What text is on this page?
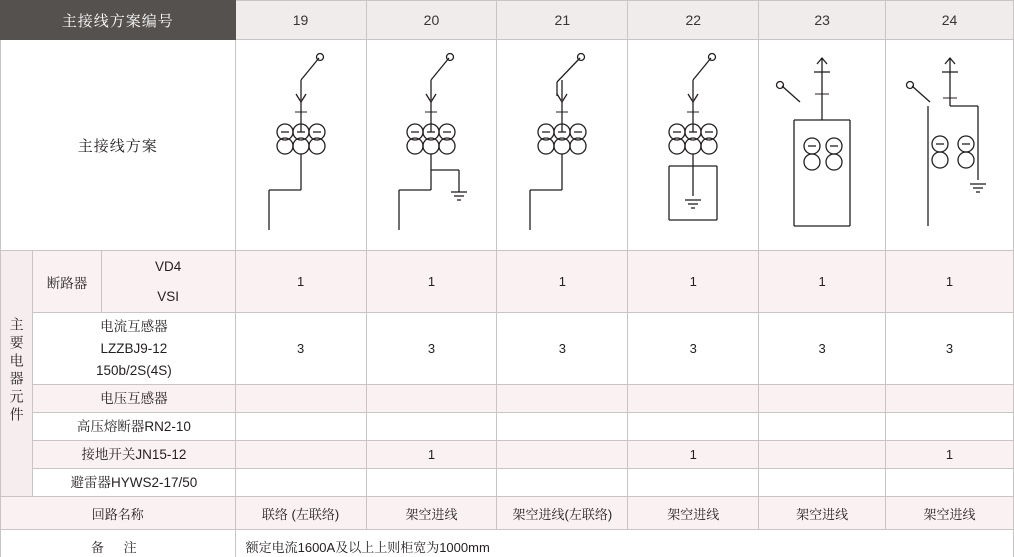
主接线方案编号			19	20	21	22	23	24
主接线方案	

主要电器元件	断路器	VD4
VSI	1	1	1	1	1	1

	电流互感器
LZZBJ9-12
150b/2S(4S)		3	3	3	3	3	3
	电压互感器							
	高压熔断器RN2-10							
	接地开关JN15-12			1		1		1
	避雷器HYWS2-17/50							
回路名称			联络 (左联络)	架空进线	架空进线(左联络)	架空进线	架空进线	架空进线
备 注			额定电流1600A及以上上则柜宽为1000mm					
